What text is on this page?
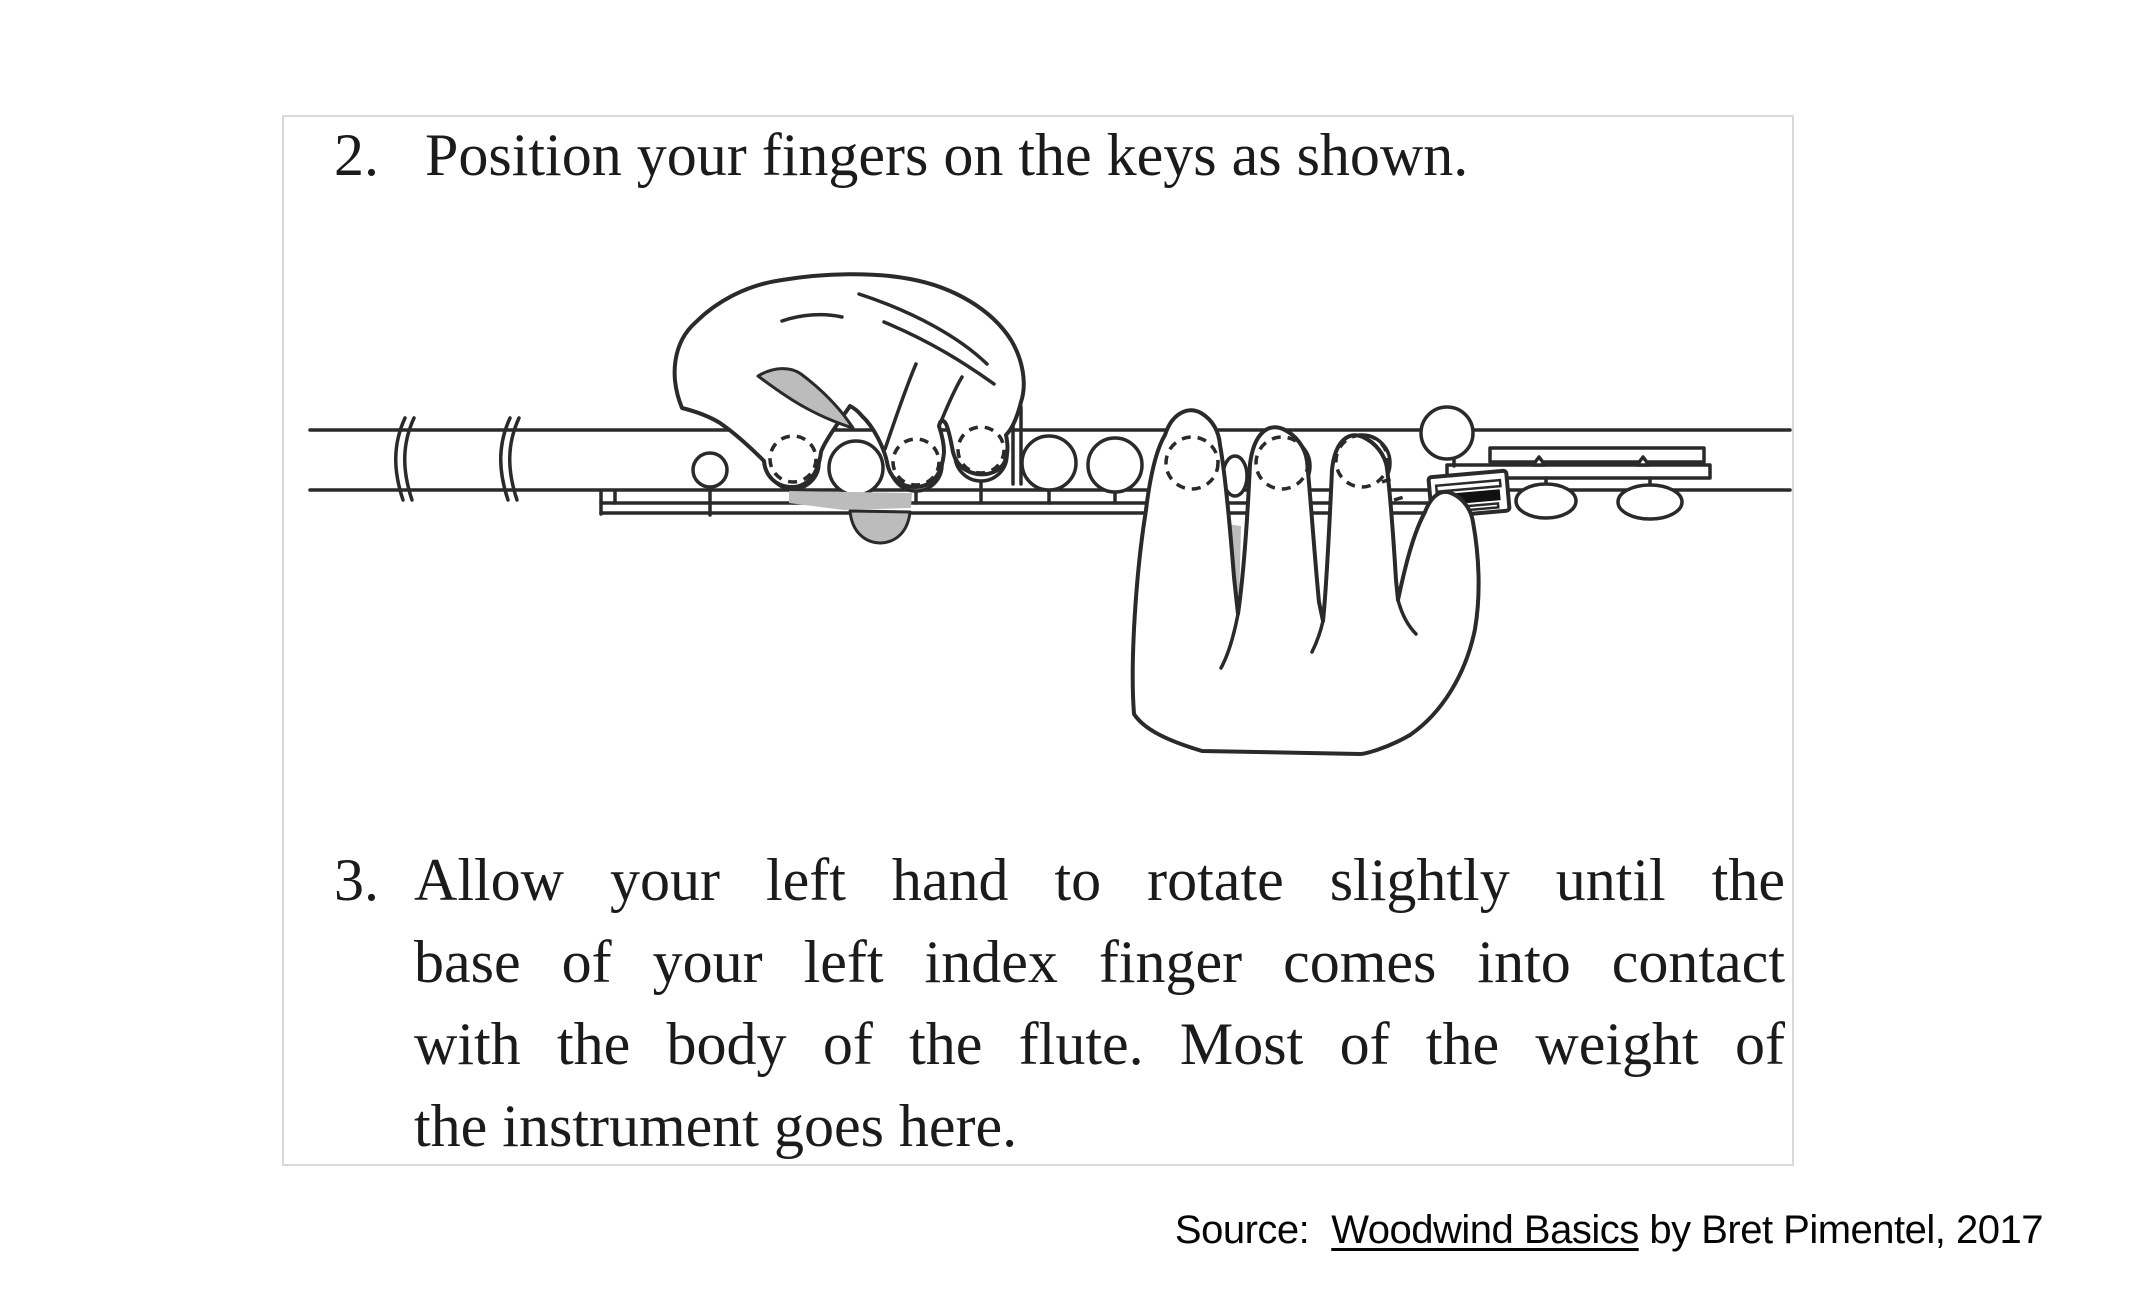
2. Position your fingers on the keys as shown.
3. Allow your left hand to rotate slightly until the
base of your left index finger comes into contact
with the body of the flute. Most of the weight of
the instrument goes here.
Source: Woodwind Basics by Bret Pimentel, 2017
